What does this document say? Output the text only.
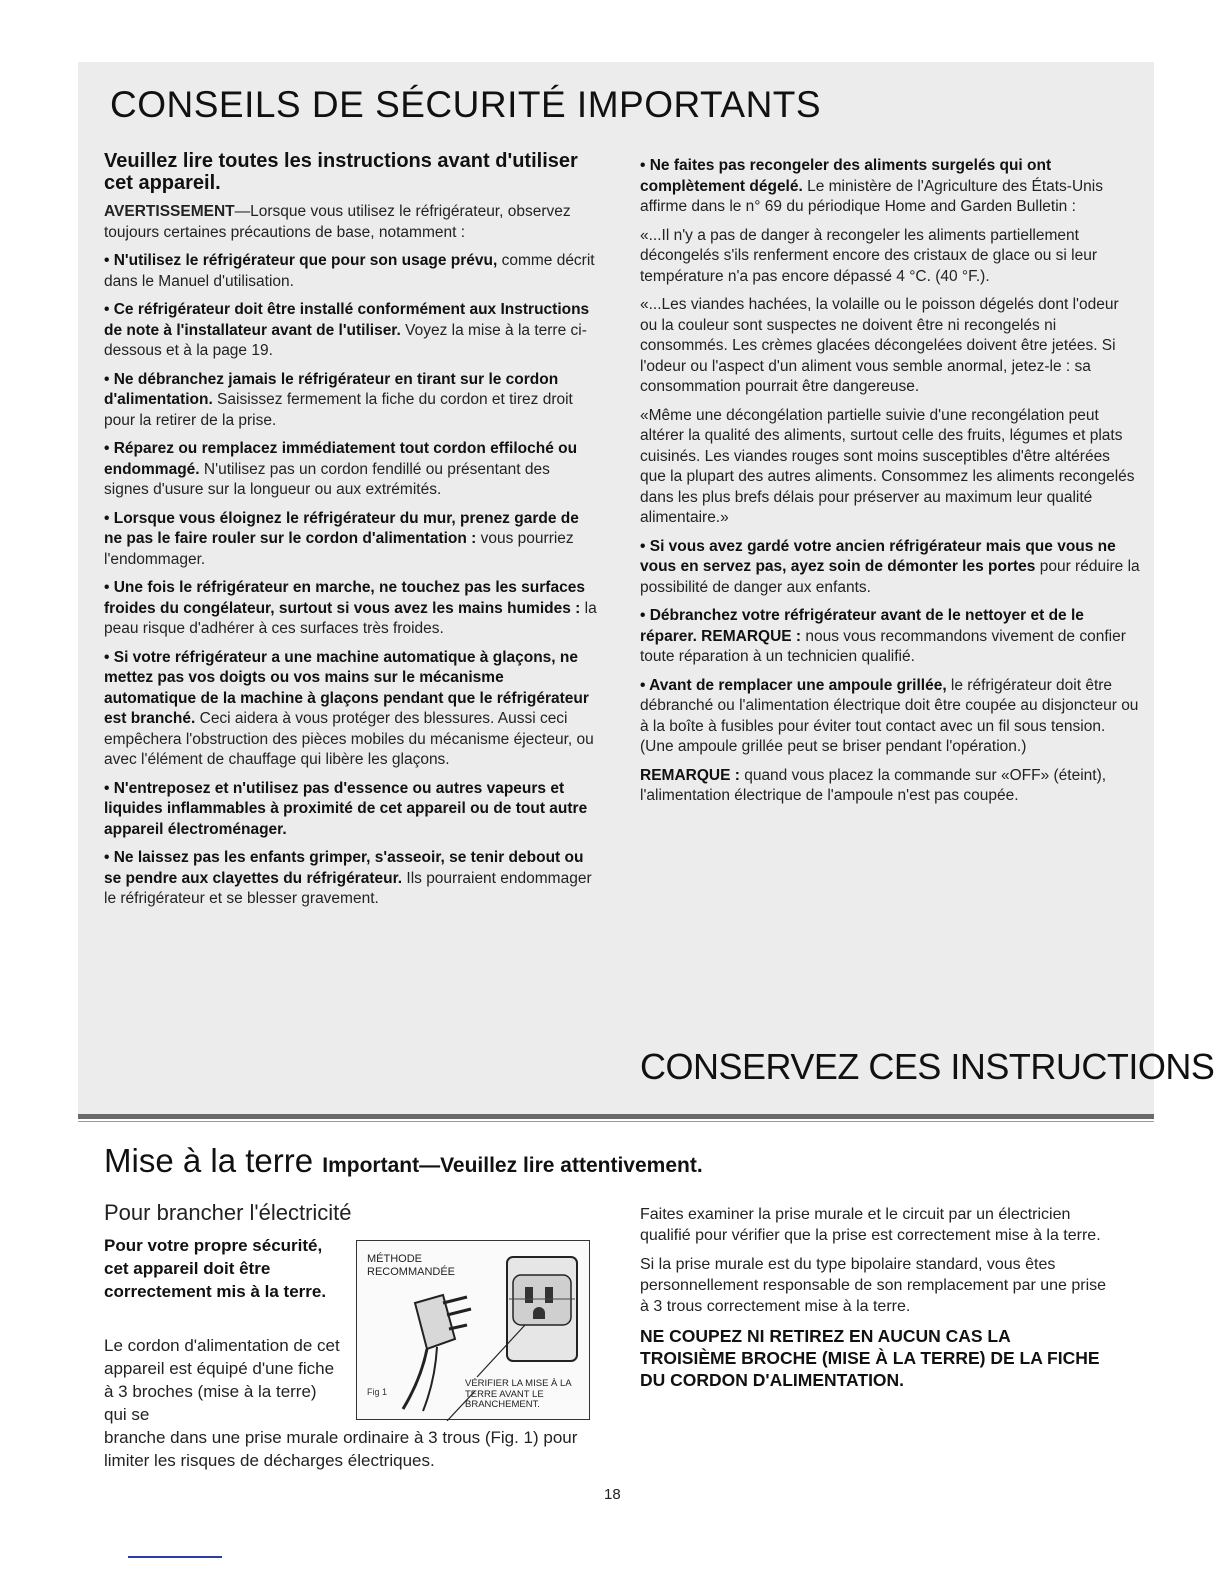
CONSEILS DE SÉCURITÉ IMPORTANTS
Veuillez lire toutes les instructions avant d'utiliser cet appareil.

AVERTISSEMENT—Lorsque vous utilisez le réfrigérateur, observez toujours certaines précautions de base, notamment :

• N'utilisez le réfrigérateur que pour son usage prévu, comme décrit dans le Manuel d'utilisation.

• Ce réfrigérateur doit être installé conformément aux Instructions de note à l'installateur avant de l'utiliser. Voyez la mise à la terre ci-dessous et à la page 19.

• Ne débranchez jamais le réfrigérateur en tirant sur le cordon d'alimentation. Saisissez fermement la fiche du cordon et tirez droit pour la retirer de la prise.

• Réparez ou remplacez immédiatement tout cordon effiloché ou endommagé. N'utilisez pas un cordon fendillé ou présentant des signes d'usure sur la longueur ou aux extrémités.

• Lorsque vous éloignez le réfrigérateur du mur, prenez garde de ne pas le faire rouler sur le cordon d'alimentation : vous pourriez l'endommager.

• Une fois le réfrigérateur en marche, ne touchez pas les surfaces froides du congélateur, surtout si vous avez les mains humides : la peau risque d'adhérer à ces surfaces très froides.

• Si votre réfrigérateur a une machine automatique à glaçons, ne mettez pas vos doigts ou vos mains sur le mécanisme automatique de la machine à glaçons pendant que le réfrigérateur est branché. Ceci aidera à vous protéger des blessures. Aussi ceci empêchera l'obstruction des pièces mobiles du mécanisme éjecteur, ou avec l'élément de chauffage qui libère les glaçons.

• N'entreposez et n'utilisez pas d'essence ou autres vapeurs et liquides inflammables à proximité de cet appareil ou de tout autre appareil électroménager.

• Ne laissez pas les enfants grimper, s'asseoir, se tenir debout ou se pendre aux clayettes du réfrigérateur. Ils pourraient endommager le réfrigérateur et se blesser gravement.

• Ne faites pas recongeler des aliments surgelés qui ont complètement dégelé. Le ministère de l'Agriculture des États-Unis affirme dans le n° 69 du périodique Home and Garden Bulletin :

«...Il n'y a pas de danger à recongeler les aliments partiellement décongelés s'ils renferment encore des cristaux de glace ou si leur température n'a pas encore dépassé 4 °C. (40 °F.).

«...Les viandes hachées, la volaille ou le poisson dégelés dont l'odeur ou la couleur sont suspectes ne doivent être ni recongelés ni consommés. Les crèmes glacées décongelées doivent être jetées. Si l'odeur ou l'aspect d'un aliment vous semble anormal, jetez-le : sa consommation pourrait être dangereuse.

«Même une décongélation partielle suivie d'une recongélation peut altérer la qualité des aliments, surtout celle des fruits, légumes et plats cuisinés. Les viandes rouges sont moins susceptibles d'être altérées que la plupart des autres aliments. Consommez les aliments recongelés dans les plus brefs délais pour préserver au maximum leur qualité alimentaire.»

• Si vous avez gardé votre ancien réfrigérateur mais que vous ne vous en servez pas, ayez soin de démonter les portes pour réduire la possibilité de danger aux enfants.

• Débranchez votre réfrigérateur avant de le nettoyer et de le réparer. REMARQUE : nous vous recommandons vivement de confier toute réparation à un technicien qualifié.

• Avant de remplacer une ampoule grillée, le réfrigérateur doit être débranché ou l'alimentation électrique doit être coupée au disjoncteur ou à la boîte à fusibles pour éviter tout contact avec un fil sous tension. (Une ampoule grillée peut se briser pendant l'opération.)

REMARQUE : quand vous placez la commande sur «OFF» (éteint), l'alimentation électrique de l'ampoule n'est pas coupée.

CONSERVEZ CES INSTRUCTIONS
Mise à la terre Important—Veuillez lire attentivement.
Pour brancher l'électricité

Pour votre propre sécurité, cet appareil doit être correctement mis à la terre.

Le cordon d'alimentation de cet appareil est équipé d'une fiche à 3 broches (mise à la terre) qui se

branche dans une prise murale ordinaire à 3 trous (Fig. 1) pour limiter les risques de décharges électriques.

MÉTHODE RECOMMANDÉE
VÉRIFIER LA MISE À LA TERRE AVANT LE BRANCHEMENT.
Fig 1

Faites examiner la prise murale et le circuit par un électricien qualifié pour vérifier que la prise est correctement mise à la terre.

Si la prise murale est du type bipolaire standard, vous êtes personnellement responsable de son remplacement par une prise à 3 trous correctement mise à la terre.

NE COUPEZ NI RETIREZ EN AUCUN CAS LA TROISIÈME BROCHE (MISE À LA TERRE) DE LA FICHE DU CORDON D'ALIMENTATION.

18
